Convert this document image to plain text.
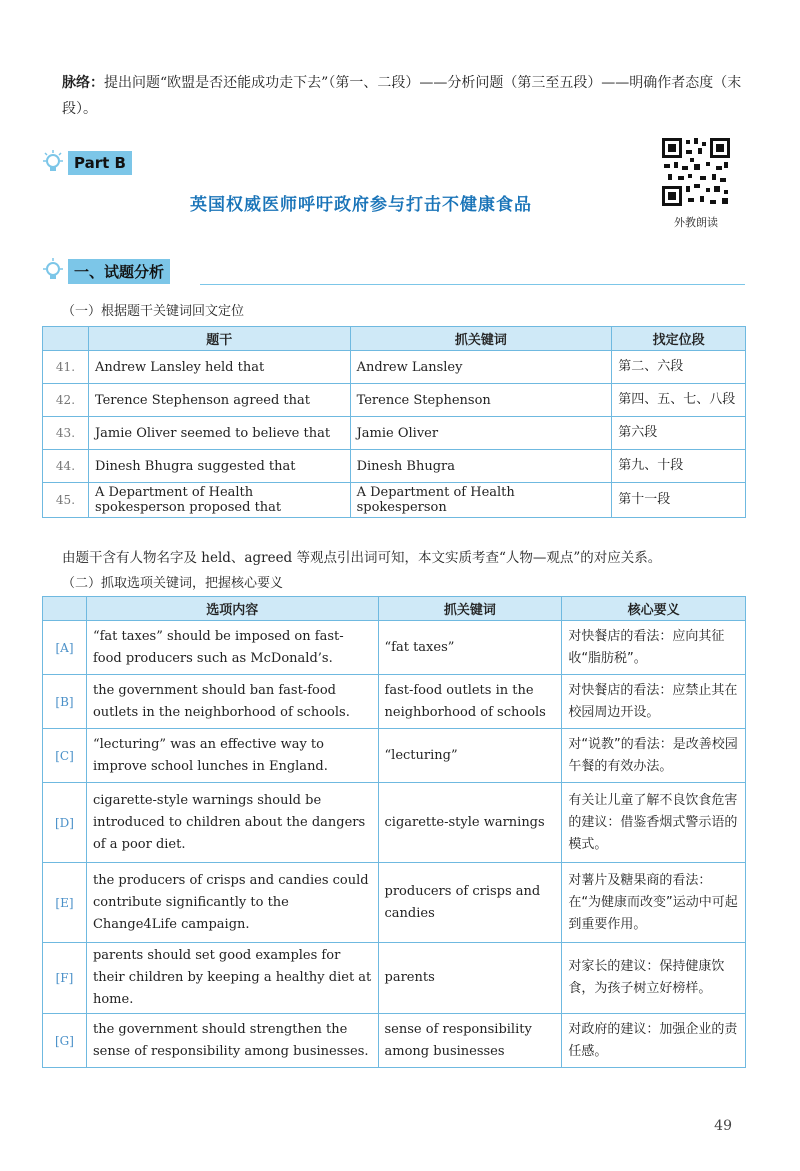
脉络：提出问题“欧盟是否还能成功走下去”（第一、二段）——分析问题（第三至五段）——明确作者态度（末段）。
Part B
英国权威医师呼吁政府参与打击不健康食品
外教朗读
一、试题分析
（一）根据题干关键词回文定位
	题干	抓关键词	找定位段
41.	Andrew Lansley held that	Andrew Lansley	第二、六段
42.	Terence Stephenson agreed that	Terence Stephenson	第四、五、七、八段
43.	Jamie Oliver seemed to believe that	Jamie Oliver	第六段
44.	Dinesh Bhugra suggested that	Dinesh Bhugra	第九、十段
45.	A Department of Health spokesperson proposed that	A Department of Health spokesperson	第十一段
由题干含有人物名字及 held、agreed 等观点引出词可知，本文实质考查“人物—观点”的对应关系。
（二）抓取选项关键词，把握核心要义
	选项内容	抓关键词	核心要义
[A]	“fat taxes” should be imposed on fast-food producers such as McDonald’s.	“fat taxes”	对快餐店的看法：应向其征收“脂肪税”。
[B]	the government should ban fast-food outlets in the neighborhood of schools.	fast-food outlets in the neighborhood of schools	对快餐店的看法：应禁止其在校园周边开设。
[C]	“lecturing” was an effective way to improve school lunches in England.	“lecturing”	对“说教”的看法：是改善校园午餐的有效办法。
[D]	cigarette-style warnings should be introduced to children about the dangers of a poor diet.	cigarette-style warnings	有关让儿童了解不良饮食危害的建议：借鉴香烟式警示语的模式。
[E]	the producers of crisps and candies could contribute significantly to the Change4Life campaign.	producers of crisps and candies	对薯片及糖果商的看法：在“为健康而改变”运动中可起到重要作用。
[F]	parents should set good examples for their children by keeping a healthy diet at home.	parents	对家长的建议：保持健康饮食，为孩子树立好榜样。
[G]	the government should strengthen the sense of responsibility among businesses.	sense of responsibility among businesses	对政府的建议：加强企业的责任感。
49
